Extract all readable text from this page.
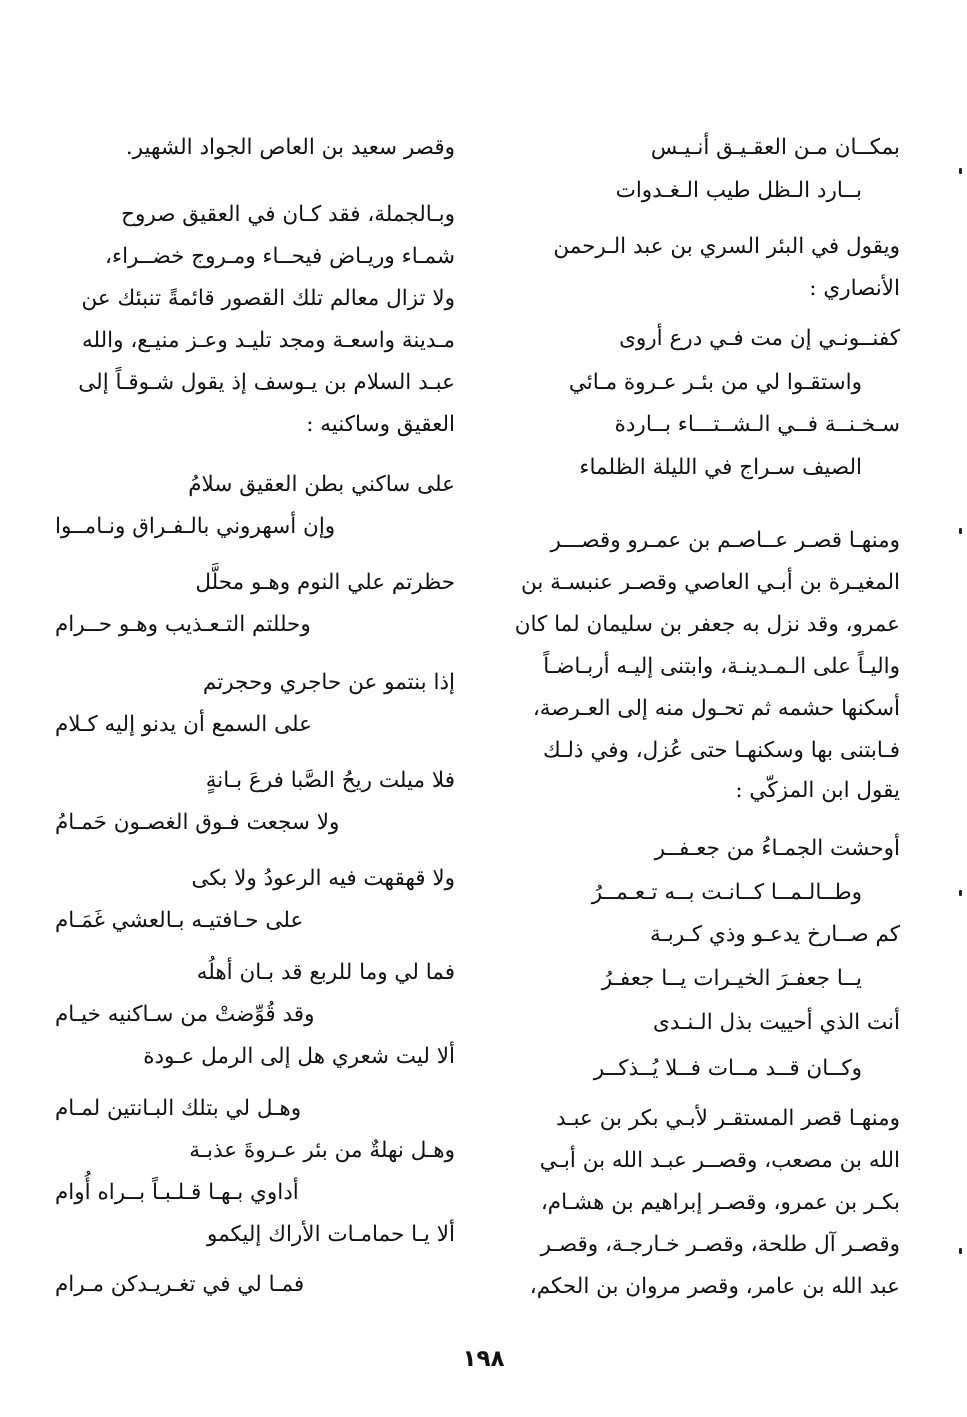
بمكــان مـن العقـيـق أنـيـس
بــارد الـظل طيب الـغـدوات
ويقول في البئر السري بن عبد الـرحمن
الأنصاري :
كفنــونـي إن مت فـي درع أروى
واستقـوا لي من بئـر عـروة مـائي
سـخـنــة فــي الـشــتـــاء بــاردة
الصيف سـراج في الليلة الظلماء
ومنهـا قصـر عــاصـم بن عمـرو وقصـــر
المغيـرة بن أبـي العاصي وقصـر عنبسـة بن
عمرو، وقد نزل به جعفر بن سليمان لما كان
واليـاً على الـمـدينـة، وابتنى إليـه أربـاضـاً
أسكنها حشمه ثم تحـول منه إلى العـرصة،
فـابتنى بها وسكنهـا حتى عُزل، وفي ذلـك
يقول ابن المزكّي :
أوحشت الجمـاءُ من جعـفــر
وطــالـمــا كــانـت بــه تـعـمــرُ
كم صــارخ يدعـو وذي كـربـة
يــا جعفـرَ الخيـرات يــا جعفـرُ
أنت الذي أحييت بذل الـنـدى
وكــان قــد مــات فــلا يُــذكــر
ومنهـا قصر المستقـر لأبـي بكر بن عبـد
الله بن مصعب، وقصــر عبـد الله بن أبـي
بكـر بن عمرو، وقصـر إبراهيم بن هشـام،
وقصـر آل طلحة، وقصـر خـارجـة، وقصـر
عبد الله بن عامر، وقصر مروان بن الحكم،
وقصر سعيد بن العاص الجواد الشهير.
وبـالجملة، فقد كـان في العقيق صروح
شمـاء وريـاض فيحــاء ومـروج خضــراء،
ولا تزال معالم تلك القصور قائمةً تنبئك عن
مـدينة واسعـة ومجد تليـد وعـز منيـع، والله
عبـد السلام بن يـوسف إذ يقول شـوقـاً إلى
العقيق وساكنيه :
على ساكني بطن العقيق سلامُ
وإن أسهروني بالـفـراق ونـامــوا
حظرتم علي النوم وهـو محلَّل
وحللتم التـعـذيب وهـو حــرام
إذا بنتمو عن حاجري وحجرتم
على السمع أن يدنو إليه كـلام
فلا ميلت ريحُ الصَّبا فرعَ بـانةٍ
ولا سجعت فـوق الغصـون حَمـامُ
ولا قهقهت فيه الرعودُ ولا بكى
على حـافتيـه بـالعشي غَمَـام
فما لي وما للربع قد بـان أهلُه
وقد قُوِّضتْ من سـاكنيه خيـام
ألا ليت شعري هل إلى الرمل عـودة
وهـل لي بتلك البـانتين لمـام
وهـل نهلةٌ من بئر عـروةَ عذبـة
أداوي بـهـا قـلـبـاً بــراه أُوام
ألا يـا حمامـات الأراك إليكمو
فمـا لي في تغـريـدكن مـرام
١٩٨
